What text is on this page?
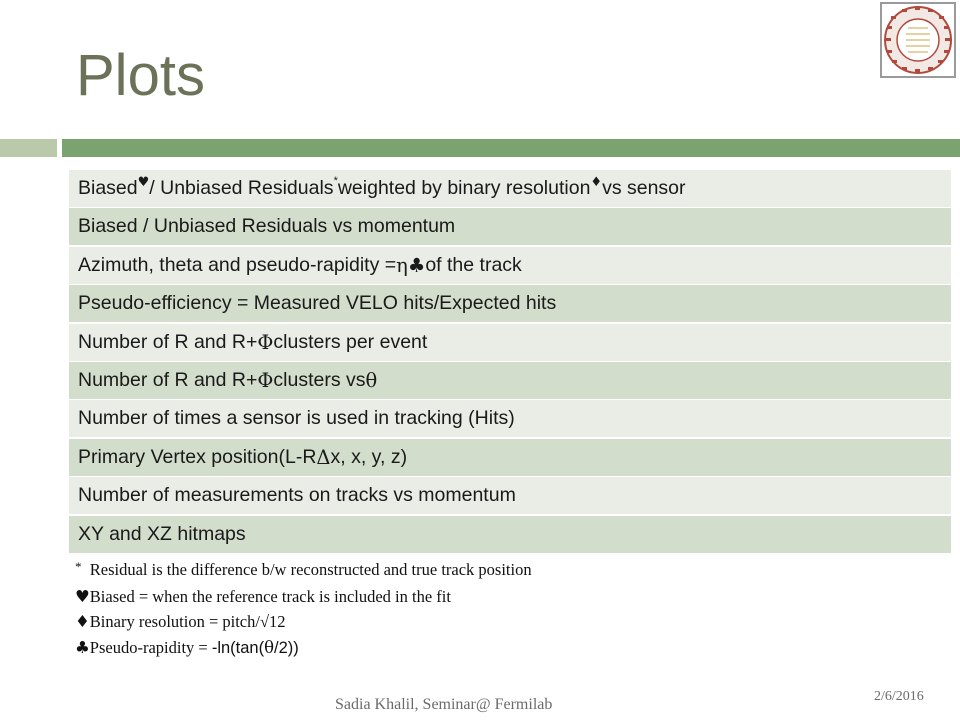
Plots
Biased ♥ / Unbiased Residuals * weighted by binary resolution ♦ vs sensor
Biased / Unbiased Residuals vs momentum
Azimuth, theta and pseudo-rapidity = η ♣ of the track
Pseudo-efficiency = Measured VELO hits/Expected hits
Number of R and R+ Φ clusters per event
Number of R and R+ Φ clusters vs θ
Number of times a sensor is used in tracking (Hits)
Primary Vertex position(L-R Δ x, x, y, z)
Number of measurements on tracks vs momentum
XY and XZ hitmaps
*  Residual is the difference b/w reconstructed and true track position
♥Biased = when the reference track is included in the fit
♦Binary resolution = pitch/√12
♣Pseudo-rapidity = -ln(tan(θ/2))
Sadia Khalil, Seminar@ Fermilab	2/6/2016
